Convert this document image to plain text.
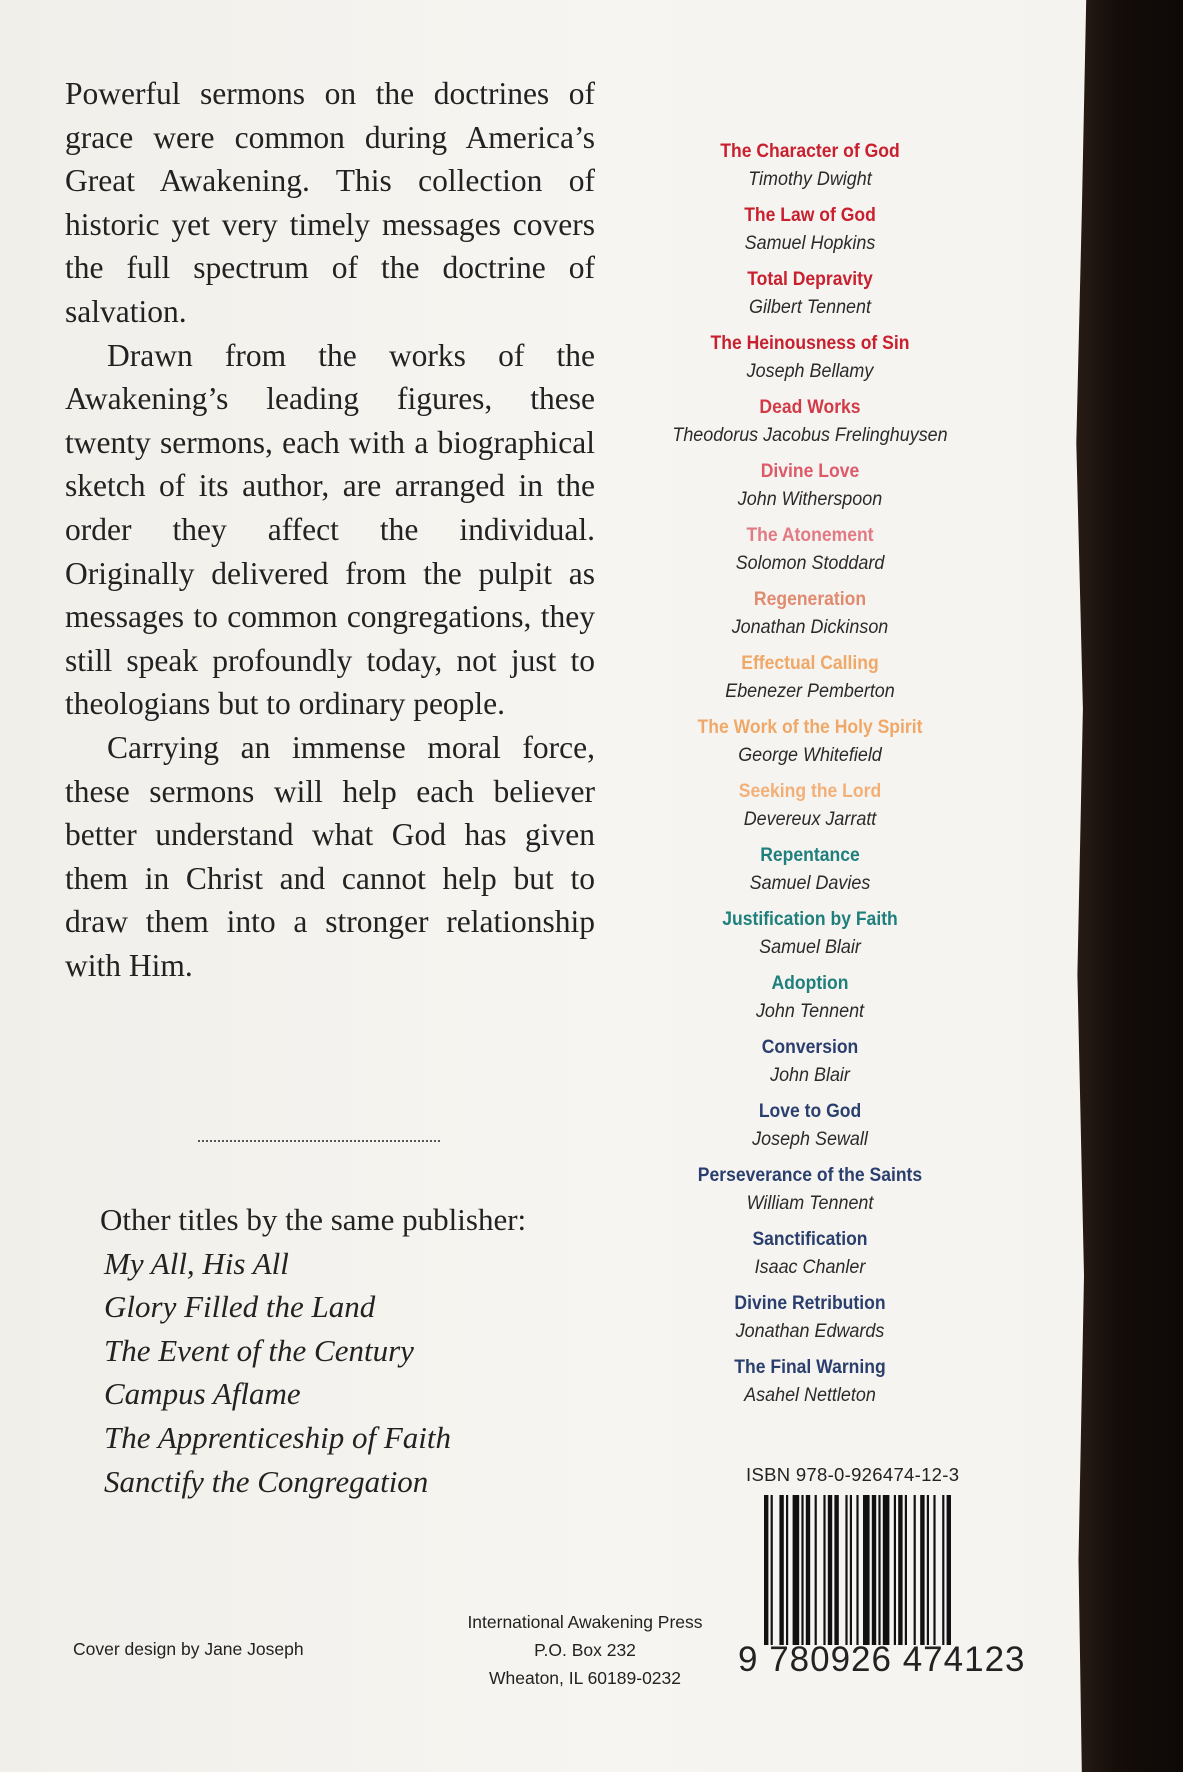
Powerful sermons on the doctrines of grace were common during America’s Great Awakening. This collection of historic yet very timely messages covers the full spectrum of the doctrine of salvation.

Drawn from the works of the Awakening’s leading figures, these twenty sermons, each with a biographical sketch of its author, are arranged in the order they affect the individual. Originally delivered from the pulpit as messages to common congregations, they still speak profoundly today, not just to theologians but to ordinary people.

Carrying an immense moral force, these sermons will help each believer better understand what God has given them in Christ and cannot help but to draw them into a stronger relationship with Him.

Other titles by the same publisher:
My All, His All
Glory Filled the Land
The Event of the Century
Campus Aflame
The Apprenticeship of Faith
Sanctify the Congregation
The Character of God
Timothy Dwight
The Law of God
Samuel Hopkins
Total Depravity
Gilbert Tennent
The Heinousness of Sin
Joseph Bellamy
Dead Works
Theodorus Jacobus Frelinghuysen
Divine Love
John Witherspoon
The Atonement
Solomon Stoddard
Regeneration
Jonathan Dickinson
Effectual Calling
Ebenezer Pemberton
The Work of the Holy Spirit
George Whitefield
Seeking the Lord
Devereux Jarratt
Repentance
Samuel Davies
Justification by Faith
Samuel Blair
Adoption
John Tennent
Conversion
John Blair
Love to God
Joseph Sewall
Perseverance of the Saints
William Tennent
Sanctification
Isaac Chanler
Divine Retribution
Jonathan Edwards
The Final Warning
Asahel Nettleton
ISBN 978-0-926474-12-3
9 780926 474123
International Awakening Press
P.O. Box 232
Wheaton, IL 60189-0232
Cover design by Jane Joseph
